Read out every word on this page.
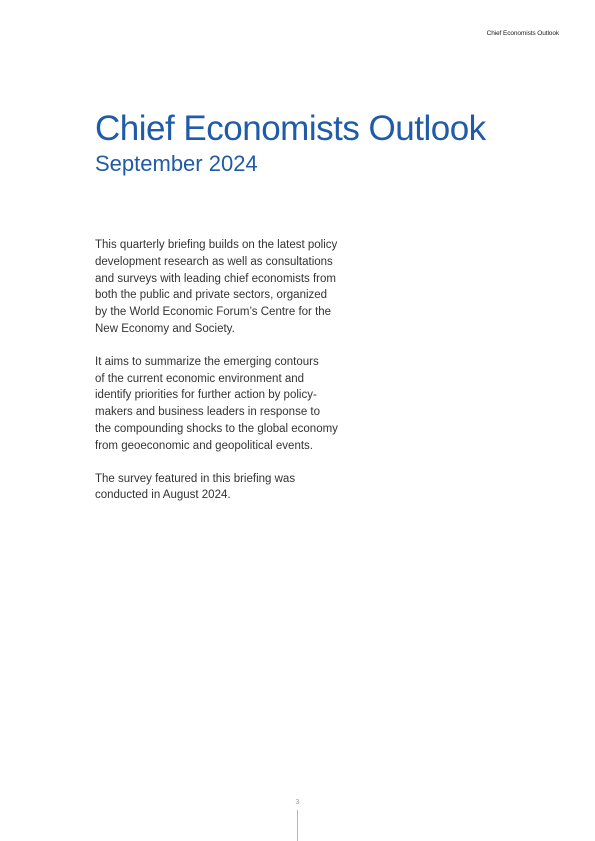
Chief Economists Outlook
Chief Economists Outlook
September 2024

This quarterly briefing builds on the latest policy
development research as well as consultations
and surveys with leading chief economists from
both the public and private sectors, organized
by the World Economic Forum’s Centre for the
New Economy and Society.

It aims to summarize the emerging contours
of the current economic environment and
identify priorities for further action by policy-
makers and business leaders in response to
the compounding shocks to the global economy
from geoeconomic and geopolitical events.

The survey featured in this briefing was
conducted in August 2024.

3
